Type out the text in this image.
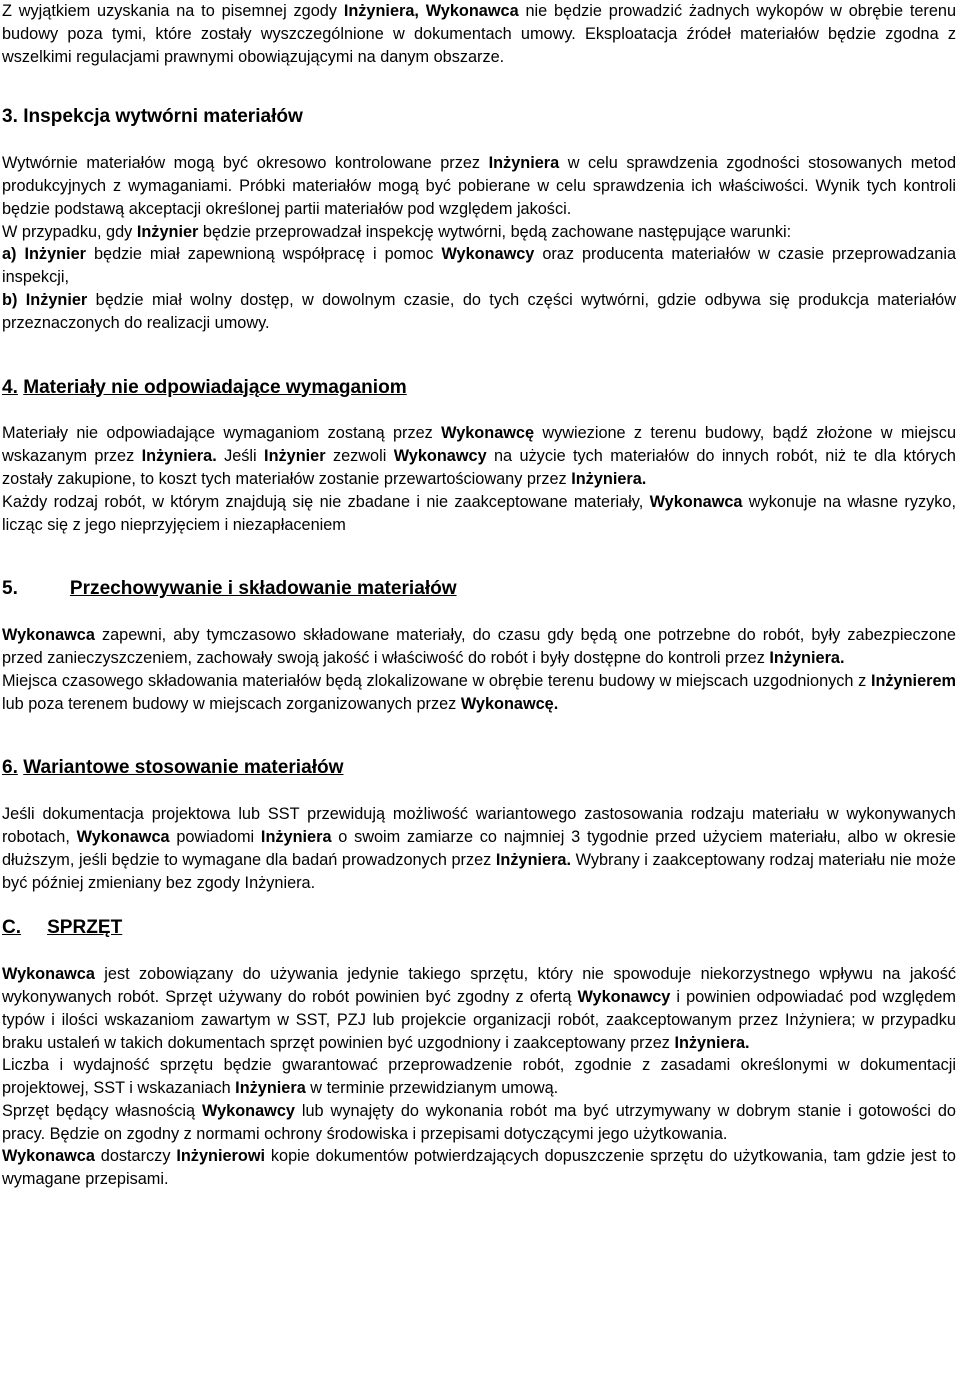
Z wyjątkiem uzyskania na to pisemnej zgody Inżyniera, Wykonawca nie będzie prowadzić żadnych wykopów w obrębie terenu budowy poza tymi, które zostały wyszczególnione w dokumentach umowy. Eksploatacja źródeł materiałów będzie zgodna z wszelkimi regulacjami prawnymi obowiązującymi na danym obszarze.

3. Inspekcja wytwórni materiałów

Wytwórnie materiałów mogą być okresowo kontrolowane przez Inżyniera w celu sprawdzenia zgodności stosowanych metod produkcyjnych z wymaganiami. Próbki materiałów mogą być pobierane w celu sprawdzenia ich właściwości. Wynik tych kontroli będzie podstawą akceptacji określonej partii materiałów pod względem jakości.

W przypadku, gdy Inżynier będzie przeprowadzał inspekcję wytwórni, będą zachowane następujące warunki:

a) Inżynier będzie miał zapewnioną współpracę i pomoc Wykonawcy oraz producenta materiałów w czasie przeprowadzania inspekcji,

b) Inżynier będzie miał wolny dostęp, w dowolnym czasie, do tych części wytwórni, gdzie odbywa się produkcja materiałów przeznaczonych do realizacji umowy.

4. Materiały nie odpowiadające wymaganiom

Materiały nie odpowiadające wymaganiom zostaną przez Wykonawcę wywiezione z terenu budowy, bądź złożone w miejscu wskazanym przez Inżyniera. Jeśli Inżynier zezwoli Wykonawcy na użycie tych materiałów do innych robót, niż te dla których zostały zakupione, to koszt tych materiałów zostanie przewartościowany przez Inżyniera.

Każdy rodzaj robót, w którym znajdują się nie zbadane i nie zaakceptowane materiały, Wykonawca wykonuje na własne ryzyko, licząc się z jego nieprzyjęciem i niezapłaceniem

5.	Przechowywanie i składowanie materiałów

Wykonawca zapewni, aby tymczasowo składowane materiały, do czasu gdy będą one potrzebne do robót, były zabezpieczone przed zanieczyszczeniem, zachowały swoją jakość i właściwość do robót i były dostępne do kontroli przez Inżyniera.

Miejsca czasowego składowania materiałów będą zlokalizowane w obrębie terenu budowy w miejscach uzgodnionych z Inżynierem lub poza terenem budowy w miejscach zorganizowanych przez Wykonawcę.

6. Wariantowe stosowanie materiałów

Jeśli dokumentacja projektowa lub SST przewidują możliwość wariantowego zastosowania rodzaju materiału w wykonywanych robotach, Wykonawca powiadomi Inżyniera o swoim zamiarze co najmniej 3 tygodnie przed użyciem materiału, albo w okresie dłuższym, jeśli będzie to wymagane dla badań prowadzonych przez Inżyniera. Wybrany i zaakceptowany rodzaj materiału nie może być później zmieniany bez zgody Inżyniera.

C. SPRZĘT

Wykonawca jest zobowiązany do używania jedynie takiego sprzętu, który nie spowoduje niekorzystnego wpływu na jakość wykonywanych robót. Sprzęt używany do robót powinien być zgodny z ofertą Wykonawcy i powinien odpowiadać pod względem typów i ilości wskazaniom zawartym w SST, PZJ lub projekcie organizacji robót, zaakceptowanym przez Inżyniera; w przypadku braku ustaleń w takich dokumentach sprzęt powinien być uzgodniony i zaakceptowany przez Inżyniera.

Liczba i wydajność sprzętu będzie gwarantować przeprowadzenie robót, zgodnie z zasadami określonymi w dokumentacji projektowej, SST i wskazaniach Inżyniera w terminie przewidzianym umową.

Sprzęt będący własnością Wykonawcy lub wynajęty do wykonania robót ma być utrzymywany w dobrym stanie i gotowości do pracy. Będzie on zgodny z normami ochrony środowiska i przepisami dotyczącymi jego użytkowania.

Wykonawca dostarczy Inżynierowi kopie dokumentów potwierdzających dopuszczenie sprzętu do użytkowania, tam gdzie jest to wymagane przepisami.
